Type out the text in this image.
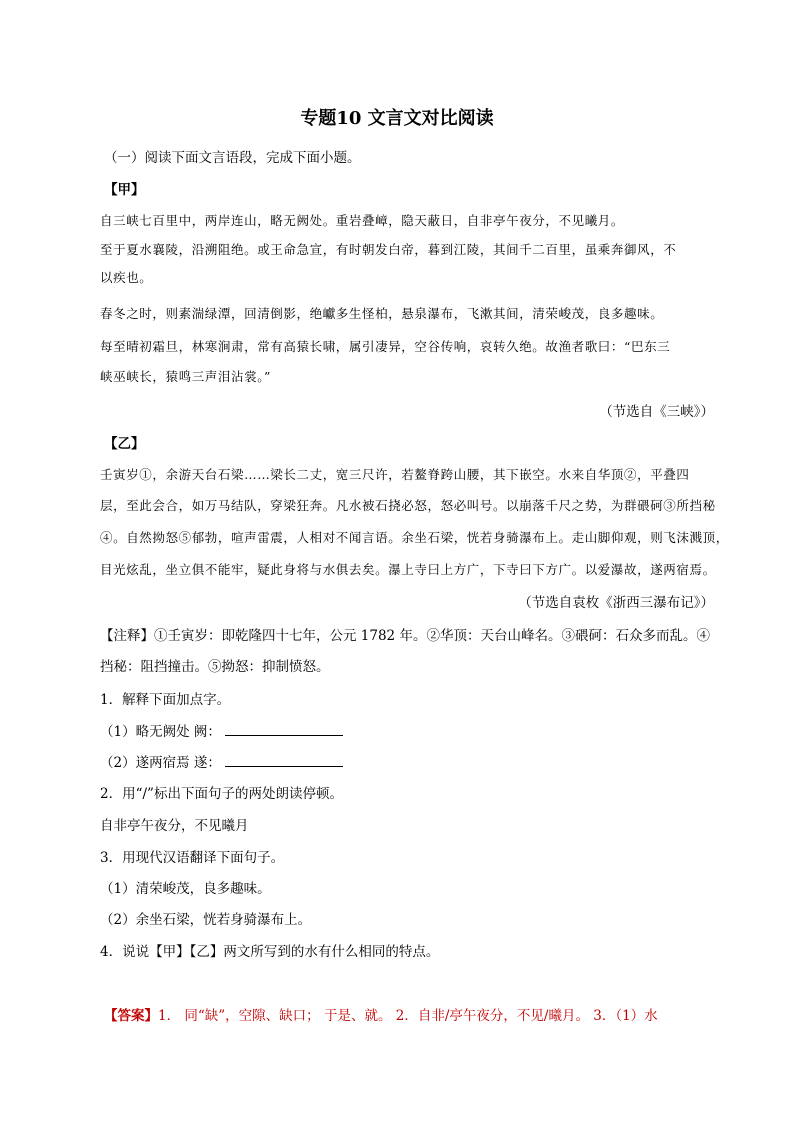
专题10 文言文对比阅读
（一）阅读下面文言语段，完成下面小题。
【甲】
自三峡七百里中，两岸连山，略无阙处。重岩叠嶂，隐天蔽日，自非亭午夜分，不见曦月。
至于夏水襄陵，沿溯阻绝。或王命急宣，有时朝发白帝，暮到江陵，其间千二百里，虽乘奔御风，不
以疾也。
春冬之时，则素湍绿潭，回清倒影，绝巘多生怪柏，悬泉瀑布，飞漱其间，清荣峻茂，良多趣味。
每至晴初霜旦，林寒涧肃，常有高猿长啸，属引凄异，空谷传响，哀转久绝。故渔者歌曰：“巴东三
峡巫峡长，猿鸣三声泪沾裳。”
（节选自《三峡》）
【乙】
壬寅岁①，余游天台石梁……梁长二丈，宽三尺许，若鳌脊跨山腰，其下嵌空。水来自华顶②，平叠四
层，至此会合，如万马结队，穿梁狂奔。凡水被石挠必怒，怒必叫号。以崩落千尺之势，为群碨砢③所挡秘
④。自然拗怒⑤郁勃，喧声雷震，人相对不闻言语。余坐石梁，恍若身骑瀑布上。走山脚仰观，则飞沫溅顶，
目光炫乱，坐立俱不能牢，疑此身将与水俱去矣。瀑上寺曰上方广，下寺曰下方广。以爱瀑故，遂两宿焉。
（节选自袁枚《浙西三瀑布记》）
【注释】①壬寅岁：即乾隆四十七年，公元 1782 年。②华顶：天台山峰名。③碨砢：石众多而乱。④
挡秘：阻挡撞击。⑤拗怒：抑制愤怒。
1．解释下面加点字。
（1）略无阙处 阙：
（2）遂两宿焉 遂：
2．用“/”标出下面句子的两处朗读停顿。
自非亭午夜分，不见曦月
3．用现代汉语翻译下面句子。
（1）清荣峻茂，良多趣味。
（2）余坐石梁，恍若身骑瀑布上。
4．说说【甲】【乙】两文所写到的水有什么相同的特点。
【答案】1． 同“缺”，空隙、缺口； 于是、就。 2．自非/亭午夜分，不见/曦月。 3．（1）水
